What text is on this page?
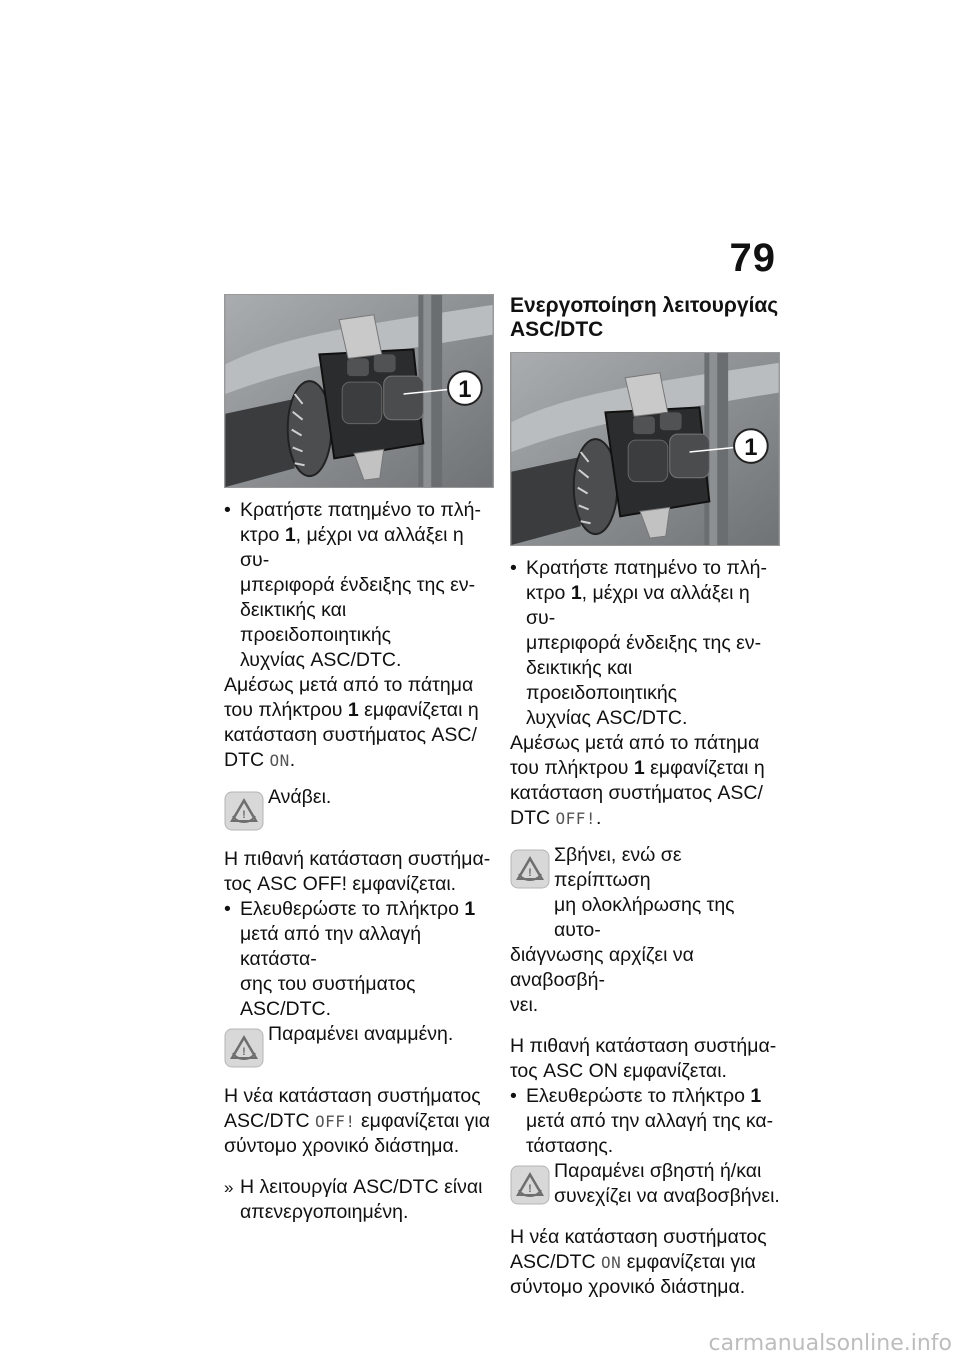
79
1
• Κρατήστε πατημένο το πλή-
κτρο 1, μέχρι να αλλάξει η συ-
μπεριφορά ένδειξης της εν-
δεικτικής και προειδοποιητικής
λυχνίας ASC/DTC.
Αμέσως μετά από το πάτημα
του πλήκτρου 1 εμφανίζεται η
κατάσταση συστήματος ASC/
DTC ON.
!
Ανάβει.
Η πιθανή κατάσταση συστήμα-
τος ASC OFF! εμφανίζεται.
• Ελευθερώστε το πλήκτρο 1
μετά από την αλλαγή κατάστα-
σης του συστήματος ASC/DTC.
!
Παραμένει αναμμένη.
Η νέα κατάσταση συστήματος
ASC/DTC OFF! εμφανίζεται για
σύντομο χρονικό διάστημα.
» Η λειτουργία ASC/DTC είναι
απενεργοποιημένη.
Ενεργοποίηση λειτουργίας
ASC/DTC
1
• Κρατήστε πατημένο το πλή-
κτρο 1, μέχρι να αλλάξει η συ-
μπεριφορά ένδειξης της εν-
δεικτικής και προειδοποιητικής
λυχνίας ASC/DTC.
Αμέσως μετά από το πάτημα
του πλήκτρου 1 εμφανίζεται η
κατάσταση συστήματος ASC/
DTC OFF!.
!
Σβήνει, ενώ σε περίπτωση
μη ολοκλήρωσης της αυτο-
διάγνωσης αρχίζει να αναβοσβή-
νει.
Η πιθανή κατάσταση συστήμα-
τος ASC ON εμφανίζεται.
• Ελευθερώστε το πλήκτρο 1
μετά από την αλλαγή της κα-
τάστασης.
!
Παραμένει σβηστή ή/και
συνεχίζει να αναβοσβήνει.
Η νέα κατάσταση συστήματος
ASC/DTC ON εμφανίζεται για
σύντομο χρονικό διάστημα.
carmanualsonline.info
